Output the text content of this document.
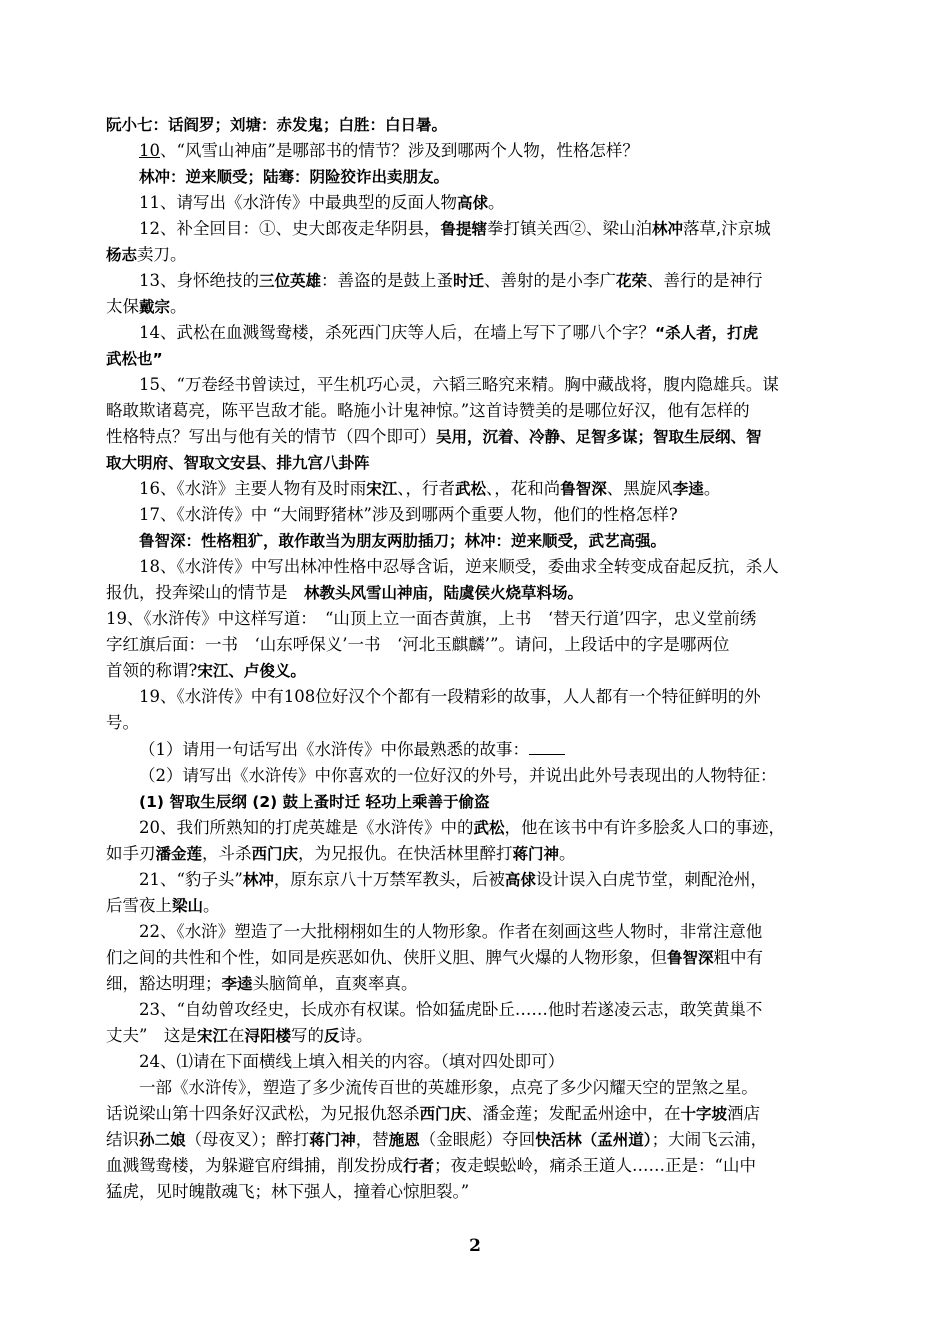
阮小七：话阎罗；刘塘：赤发鬼；白胜：白日暑。

10、“风雪山神庙”是哪部书的情节？涉及到哪两个人物，性格怎样？

林冲：逆来顺受；陆骞：阴险狡诈出卖朋友。

11、请写出《水浒传》中最典型的反面人物高俅。

12、补全回目：①、史大郎夜走华阴县，鲁提辖拳打镇关西②、梁山泊林冲落草,汴京城

杨志卖刀。

13、身怀绝技的三位英雄：善盗的是鼓上蚤时迁、善射的是小李广花荣、善行的是神行

太保戴宗。

14、武松在血溅鸳鸯楼，杀死西门庆等人后，在墙上写下了哪八个字？“杀人者，打虎

武松也”

15、“万卷经书曾读过，平生机巧心灵，六韬三略究来精。胸中藏战将，腹内隐雄兵。谋

略敢欺诸葛亮，陈平岂敌才能。略施小计鬼神惊。”这首诗赞美的是哪位好汉，他有怎样的

性格特点？写出与他有关的情节（四个即可）吴用，沉着、冷静、足智多谋；智取生辰纲、智

取大明府、智取文安县、排九宫八卦阵

16、《水浒》主要人物有及时雨宋江、，行者武松、，花和尚鲁智深、黑旋风李逵。

17、《水浒传》中 “大闹野猪林”涉及到哪两个重要人物，他们的性格怎样?

鲁智深：性格粗犷，敢作敢当为朋友两肋插刀；林冲：逆来顺受，武艺高强。

18、《水浒传》中写出林冲性格中忍辱含诟，逆来顺受，委曲求全转变成奋起反抗，杀人

报仇，投奔梁山的情节是　林教头风雪山神庙，陆虞侯火烧草料场。

19、《水浒传》中这样写道：　“山顶上立一面杏黄旗，上书　‘替天行道’四字，忠义堂前绣

字红旗后面：一书　‘山东呼保义’一书　‘河北玉麒麟’”。请问，上段话中的字是哪两位

首领的称谓?宋江、卢俊义。

19、《水浒传》中有108位好汉个个都有一段精彩的故事，人人都有一个特征鲜明的外

号。

（1）请用一句话写出《水浒传》中你最熟悉的故事：

（2）请写出《水浒传》中你喜欢的一位好汉的外号，并说出此外号表现出的人物特征：

(1) 智取生辰纲 (2) 鼓上蚤时迁 轻功上乘善于偷盗

20、我们所熟知的打虎英雄是《水浒传》中的武松，他在该书中有许多脍炙人口的事迹，

如手刃潘金莲，斗杀西门庆，为兄报仇。在快活林里醉打蒋门神。

21、“豹子头”林冲，原东京八十万禁军教头，后被高俅设计误入白虎节堂，刺配沧州，

后雪夜上梁山。

22、《水浒》塑造了一大批栩栩如生的人物形象。作者在刻画这些人物时，非常注意他

们之间的共性和个性，如同是疾恶如仇、侠肝义胆、脾气火爆的人物形象，但鲁智深粗中有

细，豁达明理；李逵头脑简单，直爽率真。

23、“自幼曾攻经史，长成亦有权谋。恰如猛虎卧丘……他时若遂凌云志，敢笑黄巢不

丈夫”　这是宋江在浔阳楼写的反诗。

24、⑴请在下面横线上填入相关的内容。（填对四处即可）

一部《水浒传》，塑造了多少流传百世的英雄形象，点亮了多少闪耀天空的罡煞之星。

话说梁山第十四条好汉武松，为兄报仇怒杀西门庆、潘金莲；发配孟州途中，在十字坡酒店

结识孙二娘（母夜叉）；醉打蒋门神，替施恩（金眼彪）夺回快活林（孟州道）；大闹飞云浦，

血溅鸳鸯楼，为躲避官府缉捕，削发扮成行者；夜走蜈蚣岭，痛杀王道人……正是：“山中

猛虎，见时魄散魂飞；林下强人，撞着心惊胆裂。”

2
